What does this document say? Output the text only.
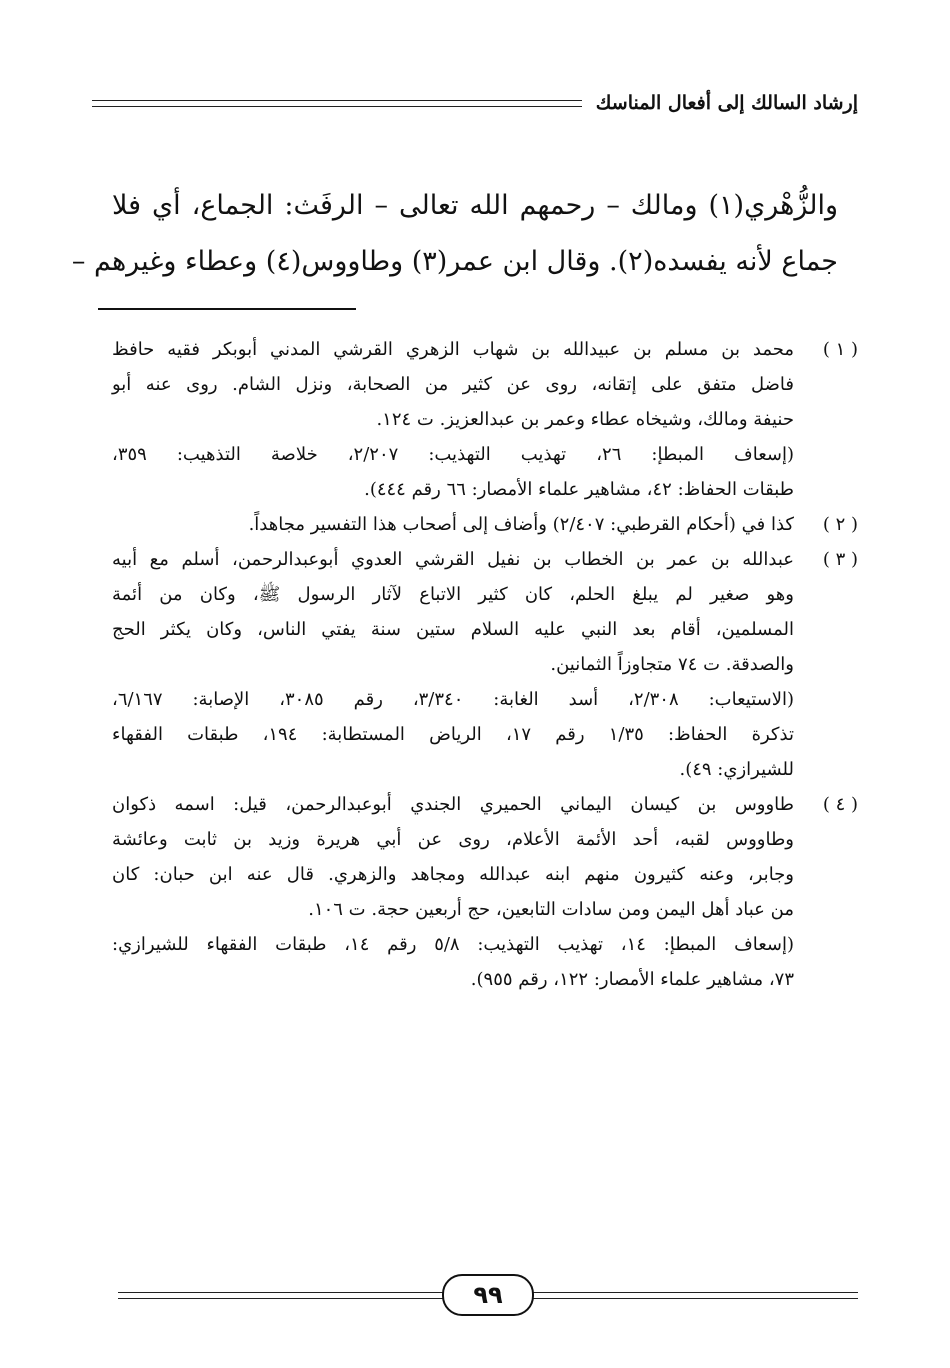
إرشاد السالك إلى أفعال المناسك
والزُّهْري(١) ومالك – رحمهم الله تعالى – الرفَث: الجماع، أي فلا
جماع لأنه يفسده(٢). وقال ابن عمر(٣) وطاووس(٤) وعطاء وغيرهم –
( ١ )
محمد بن مسلم بن عبيدالله بن شهاب الزهري القرشي المدني أبوبكر فقيه حافظ
فاضل متفق على إتقانه، روى عن كثير من الصحابة، ونزل الشام. روى عنه أبو
حنيفة ومالك، وشيخاه عطاء وعمر بن عبدالعزيز. ت ١٢٤.
(إسعاف المبطإ: ٢٦، تهذيب التهذيب: ٢/٢٠٧، خلاصة التذهيب: ٣٥٩،
طبقات الحفاظ: ٤٢، مشاهير علماء الأمصار: ٦٦ رقم ٤٤٤).
( ٢ )
كذا في (أحكام القرطبي: ٢/٤٠٧) وأضاف إلى أصحاب هذا التفسير مجاهداً.
( ٣ )
عبدالله بن عمر بن الخطاب بن نفيل القرشي العدوي أبوعبدالرحمن، أسلم مع أبيه
وهو صغير لم يبلغ الحلم، كان كثير الاتباع لآثار الرسول ﷺ، وكان من أئمة
المسلمين، أقام بعد النبي عليه السلام ستين سنة يفتي الناس، وكان يكثر الحج
والصدقة. ت ٧٤ متجاوزاً الثمانين.
(الاستيعاب: ٢/٣٠٨، أسد الغابة: ٣/٣٤٠، رقم ٣٠٨٥، الإصابة: ٦/١٦٧،
تذكرة الحفاظ: ١/٣٥ رقم ١٧، الرياض المستطابة: ١٩٤، طبقات الفقهاء
للشيرازي: ٤٩).
( ٤ )
طاووس بن كيسان اليماني الحميري الجندي أبوعبدالرحمن، قيل: اسمه ذكوان
وطاووس لقبه، أحد الأئمة الأعلام، روى عن أبي هريرة وزيد بن ثابت وعائشة
وجابر، وعنه كثيرون منهم ابنه عبدالله ومجاهد والزهري. قال عنه ابن حبان: كان
من عباد أهل اليمن ومن سادات التابعين، حج أربعين حجة. ت ١٠٦.
(إسعاف المبطإ: ١٤، تهذيب التهذيب: ٥/٨ رقم ١٤، طبقات الفقهاء للشيرازي:
٧٣، مشاهير علماء الأمصار: ١٢٢، رقم ٩٥٥).
٩٩
